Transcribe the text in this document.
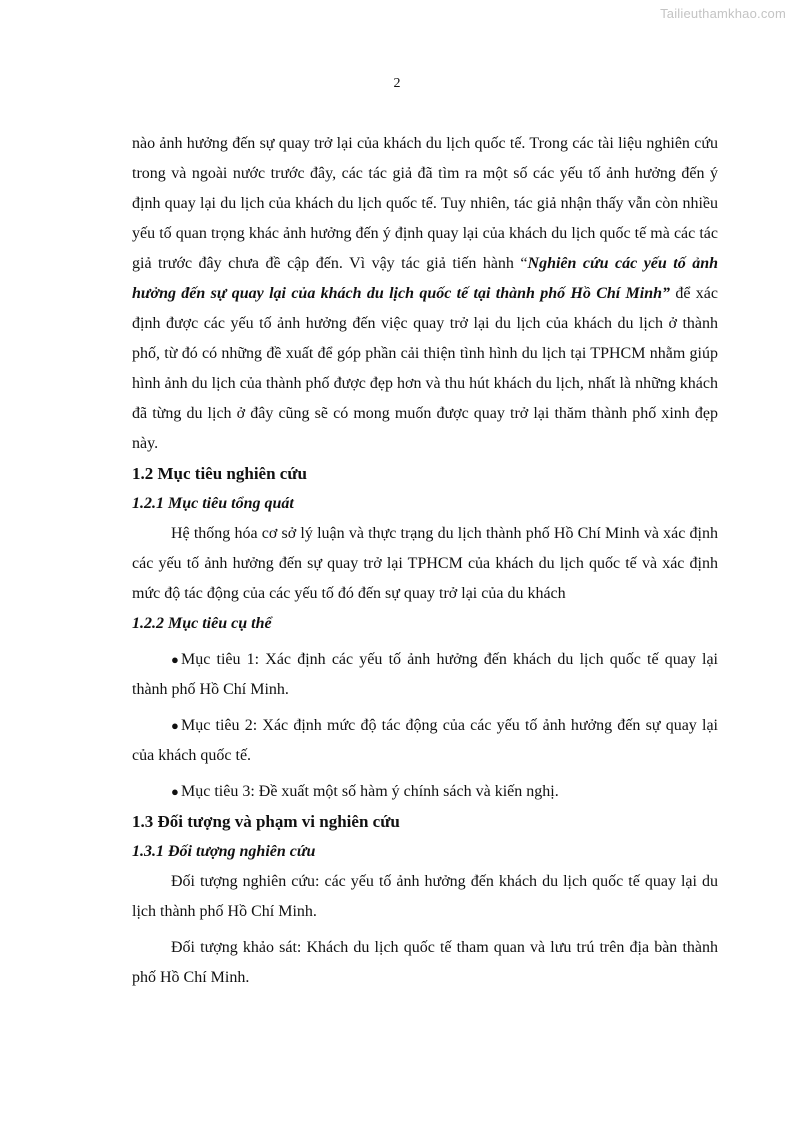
Tailieuthamkhao.com
2

nào ảnh hưởng đến sự quay trở lại của khách du lịch quốc tế. Trong các tài liệu nghiên cứu trong và ngoài nước trước đây, các tác giả đã tìm ra một số các yếu tố ảnh hưởng đến ý định quay lại du lịch của khách du lịch quốc tế. Tuy nhiên, tác giả nhận thấy vẫn còn nhiều yếu tố quan trọng khác ảnh hưởng đến ý định quay lại của khách du lịch quốc tế mà các tác giả trước đây chưa đề cập đến. Vì vậy tác giả tiến hành “Nghiên cứu các yếu tố ảnh hưởng đến sự quay lại của khách du lịch quốc tế tại thành phố Hồ Chí Minh” để xác định được các yếu tố ảnh hưởng đến việc quay trở lại du lịch của khách du lịch ở thành phố, từ đó có những đề xuất để góp phần cải thiện tình hình du lịch tại TPHCM nhằm giúp hình ảnh du lịch của thành phố được đẹp hơn và thu hút khách du lịch, nhất là những khách đã từng du lịch ở đây cũng sẽ có mong muốn được quay trở lại thăm thành phố xinh đẹp này.

1.2 Mục tiêu nghiên cứu
1.2.1 Mục tiêu tổng quát

Hệ thống hóa cơ sở lý luận và thực trạng du lịch thành phố Hồ Chí Minh và xác định các yếu tố ảnh hưởng đến sự quay trở lại TPHCM của khách du lịch quốc tế và xác định mức độ tác động của các yếu tố đó đến sự quay trở lại của du khách

1.2.2 Mục tiêu cụ thể

● Mục tiêu 1: Xác định các yếu tố ảnh hưởng đến khách du lịch quốc tế quay lại thành phố Hồ Chí Minh.

● Mục tiêu 2: Xác định mức độ tác động của các yếu tố ảnh hưởng đến sự quay lại của khách quốc tế.

● Mục tiêu 3: Đề xuất một số hàm ý chính sách và kiến nghị.

1.3 Đối tượng và phạm vi nghiên cứu
1.3.1 Đối tượng nghiên cứu

Đối tượng nghiên cứu: các yếu tố ảnh hưởng đến khách du lịch quốc tế quay lại du lịch thành phố Hồ Chí Minh.

Đối tượng khảo sát: Khách du lịch quốc tế tham quan và lưu trú trên địa bàn thành phố Hồ Chí Minh.
